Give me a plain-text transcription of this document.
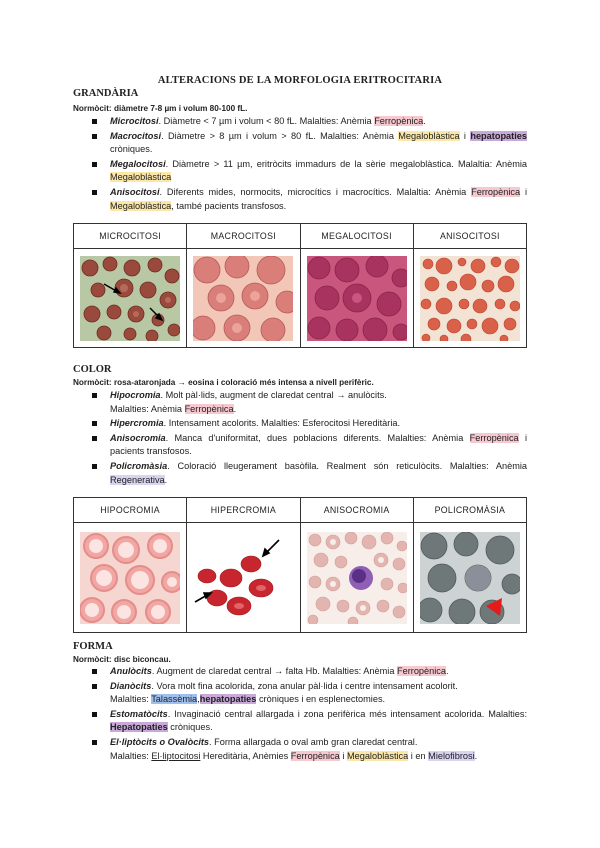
ALTERACIONS DE LA MORFOLOGIA ERITROCITARIA
GRANDÀRIA
Normòcit: diàmetre 7-8 µm i volum 80-100 fL.
Microcitosi. Diàmetre < 7 µm i volum < 80 fL. Malalties: Anèmia Ferropènica.
Macrocitosi. Diàmetre > 8 µm i volum > 80 fL. Malalties: Anèmia Megaloblàstica i hepatopaties cròniques.
Megalocitosi. Diàmetre > 11 µm, eritròcits immadurs de la sèrie megaloblàstica. Malaltia: Anèmia Megaloblàstica
Anisocitosi. Diferents mides, normocits, microcítics i macrocítics. Malaltia: Anèmia Ferropènica i Megaloblàstica, també pacients transfosos.
MICROCITOSI	MACROCITOSI	MEGALOCITOSI	ANISOCITOSI

COLOR
Normòcit: rosa-ataronjada → eosina i coloració més intensa a nivell perifèric.
Hipocromia. Molt pàl·lids, augment de claredat central → anulòcits.
Malalties: Anèmia Ferropènica.
Hipercromia. Intensament acolorits. Malalties: Esferocitosi Hereditària.
Anisocromia. Manca d'uniformitat, dues poblacions diferents. Malalties: Anèmia Ferropènica i pacients transfosos.
Policromàsia. Coloració lleugerament basòfila. Realment són reticulòcits. Malalties: Anèmia Regenerativa.
HIPOCROMIA	HIPERCROMIA	ANISOCROMIA	POLICROMÀSIA

FORMA
Normòcit: disc biconcau.
Anulòcits. Augment de claredat central → falta Hb. Malalties: Anèmia Ferropènica.
Dianòcits. Vora molt fina acolorida, zona anular pàl·lida i centre intensament acolorit.
Malalties: Talassèmia,hepatopaties cròniques i en esplenectomies.
Estomatòcits. Invaginació central allargada i zona perifèrica més intensament acolorida. Malalties: Hepatopaties cròniques.
El·liptòcits o Ovalòcits. Forma allargada o oval amb gran claredat central.
Malalties: El·liptocitosi Hereditària, Anèmies Ferropènica i Megaloblàstica i en Mielofibrosi.
